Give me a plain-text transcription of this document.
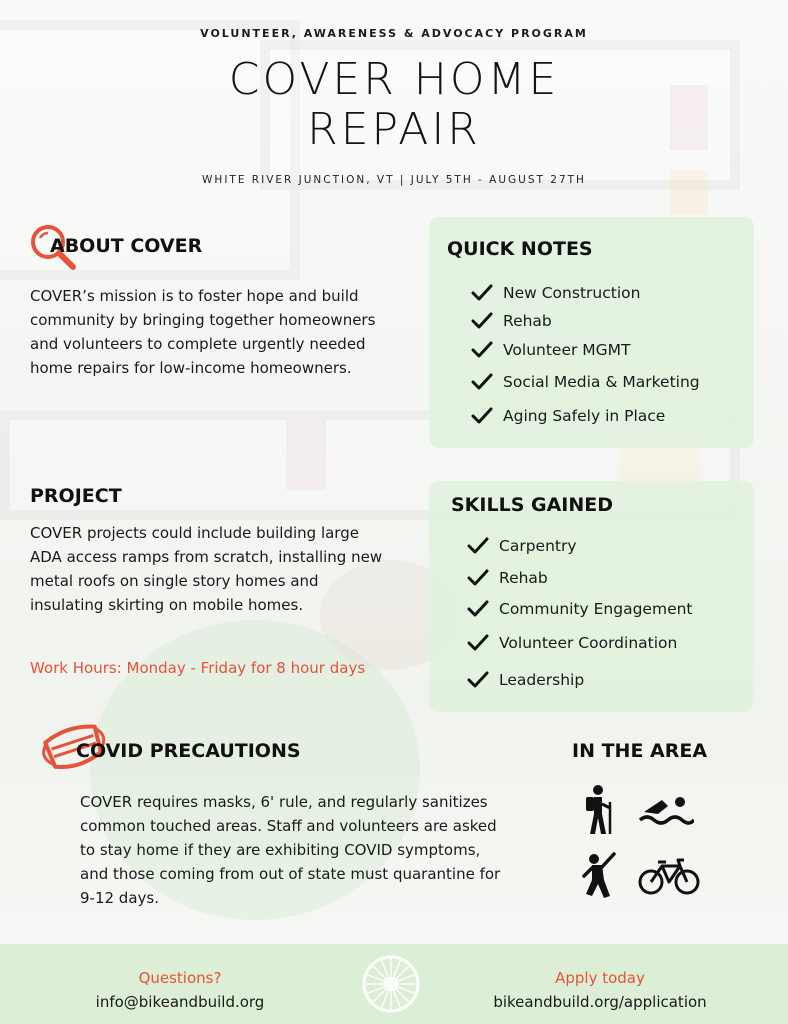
VOLUNTEER, AWARENESS & ADVOCACY PROGRAM
COVER HOME
REPAIR
WHITE RIVER JUNCTION, VT | JULY 5TH - AUGUST 27TH
ABOUT COVER
COVER’s mission is to foster hope and build community by bringing together homeowners and volunteers to complete urgently needed home repairs for low-income homeowners.
QUICK NOTES
New Construction
Rehab
Volunteer MGMT
Social Media & Marketing
Aging Safely in Place
PROJECT
COVER projects could include building large ADA access ramps from scratch, installing new metal roofs on single story homes and insulating skirting on mobile homes.
Work Hours: Monday - Friday for 8 hour days
SKILLS GAINED
Carpentry
Rehab
Community Engagement
Volunteer Coordination
Leadership
COVID PRECAUTIONS
COVER requires masks, 6' rule, and regularly sanitizes common touched areas. Staff and volunteers are asked to stay home if they are exhibiting COVID symptoms, and those coming from out of state must quarantine for 9-12 days.
IN THE AREA
Questions?
info@bikeandbuild.org
Apply today
bikeandbuild.org/application
